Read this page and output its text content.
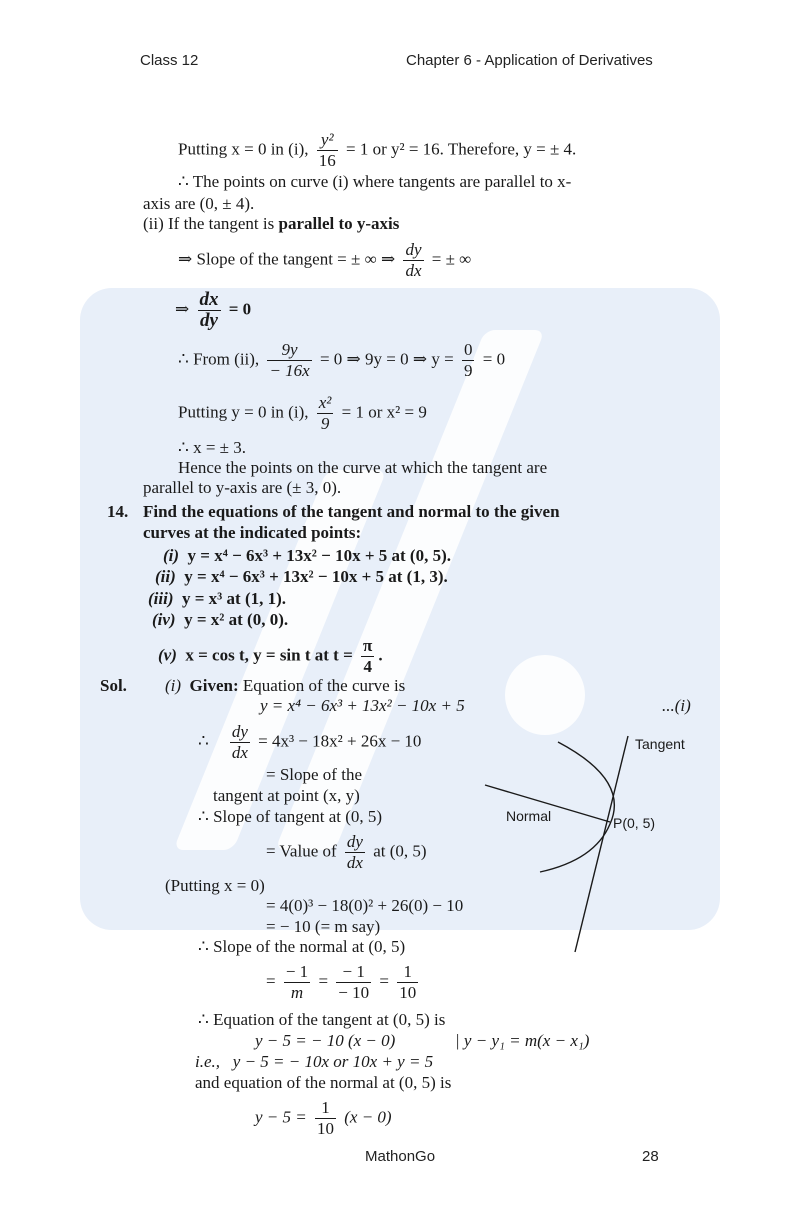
Class 12	Chapter 6 - Application of Derivatives
Putting x = 0 in (i), $\frac{\text{y²}}{16} = 1$ or y² = 16. Therefore, y = ± 4.
∴ The points on curve (i) where tangents are parallel to x-
axis are (0, ± 4).
(ii) If the tangent is parallel to y-axis
⇒ Slope of the tangent = ± ∞ ⇒ $\frac{dy}{dx}$ = ± ∞
⇒ $\frac{dx}{dy} = 0$
∴ From (ii), $\frac{9y}{- 16x} = 0$ ⇒ 9y = 0 ⇒ $y = \frac{0}{9} = 0$
Putting y = 0 in (i), $\frac{\text{x²}}{9} = 1$ or x² = 9
∴ x = ± 3.
Hence the points on the curve at which the tangent are
parallel to y-axis are (± 3, 0).
14. Find the equations of the tangent and normal to the given
curves at the indicated points:
(i) y = x⁴ − 6x³ + 13x² − 10x + 5 at (0, 5).
(ii) y = x⁴ − 6x³ + 13x² − 10x + 5 at (1, 3).
(iii) y = x³ at (1, 1).
(iv) y = x² at (0, 0).
(v) x = cos t, y = sin t at $t = \frac{\pi}{4}$ .
Sol. (i) Given: Equation of the curve is
y = x⁴ − 6x³ + 13x² − 10x + 5	...(i)
∴ $\frac{dy}{dx} = 4x^3 - 18x^2 + 26x - 10$
= Slope of the
tangent at point (x, y)
∴ Slope of tangent at (0, 5)
= Value of $\frac{dy}{dx}$ at (0, 5)
(Putting x = 0)
= 4(0)³ − 18(0)² + 26(0) − 10
= − 10 (= m say)
∴ Slope of the normal at (0, 5)
= $\frac{- 1}{m} = \frac{- 1}{- 10} = \frac{1}{10}$
∴ Equation of the tangent at (0, 5) is
y − 5 = − 10 (x − 0)	| y − y₁ = m(x − x₁)
i.e., y − 5 = − 10x or 10x + y = 5
and equation of the normal at (0, 5) is
$y - 5 = \frac{1}{10} (x - 0)$
Tangent
Normal	P(0, 5)
MathonGo	28
